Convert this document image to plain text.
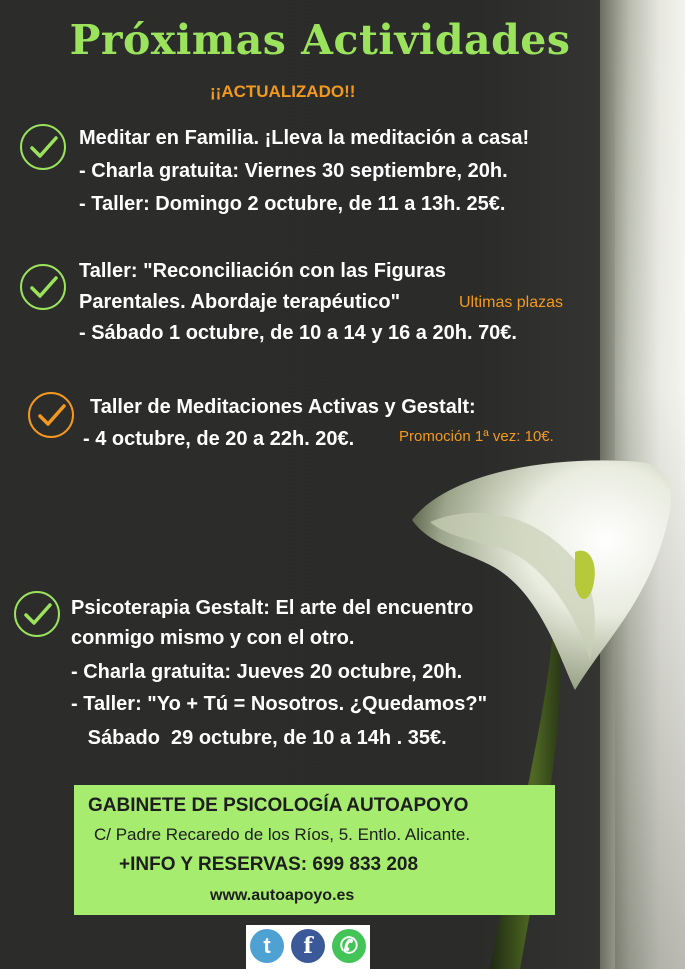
Próximas Actividades
¡¡ACTUALIZADO!!
Meditar en Familia. ¡Lleva la meditación a casa!
- Charla gratuita: Viernes 30 septiembre, 20h.
- Taller: Domingo 2 octubre, de 11 a 13h. 25€.
Taller: "Reconciliación con las Figuras
Parentales. Abordaje terapéutico"	Ultimas plazas
- Sábado 1 octubre, de 10 a 14 y 16 a 20h. 70€.
Taller de Meditaciones Activas y Gestalt:
- 4 octubre, de 20 a 22h. 20€.	Promoción 1ª vez: 10€.
Psicoterapia Gestalt: El arte del encuentro
conmigo mismo y con el otro.
- Charla gratuita: Jueves 20 octubre, 20h.
- Taller: "Yo + Tú = Nosotros. ¿Quedamos?"
Sábado  29 octubre, de 10 a 14h . 35€.
GABINETE DE PSICOLOGÍA AUTOAPOYO
C/ Padre Recaredo de los Ríos, 5. Entlo. Alicante.
+INFO Y RESERVAS: 699 833 208
www.autoapoyo.es
t	f	✆
